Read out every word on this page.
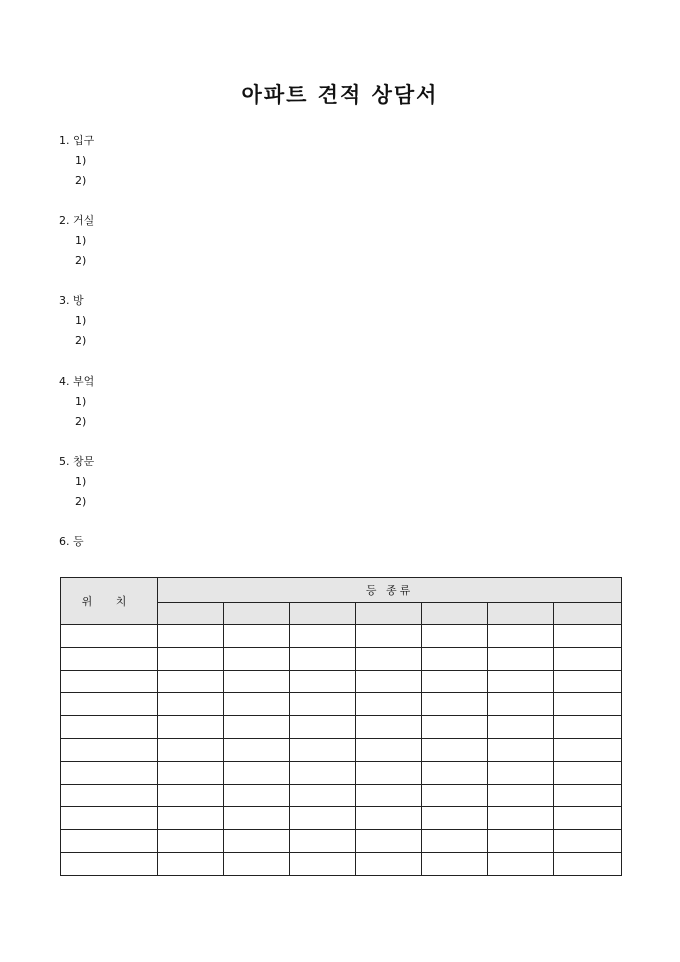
아파트 견적 상담서
1. 입구
1)
2)
2. 거실
1)
2)
3. 방
1)
2)
4. 부엌
1)
2)
5. 창문
1)
2)
6. 등
위 치	등 종류						
